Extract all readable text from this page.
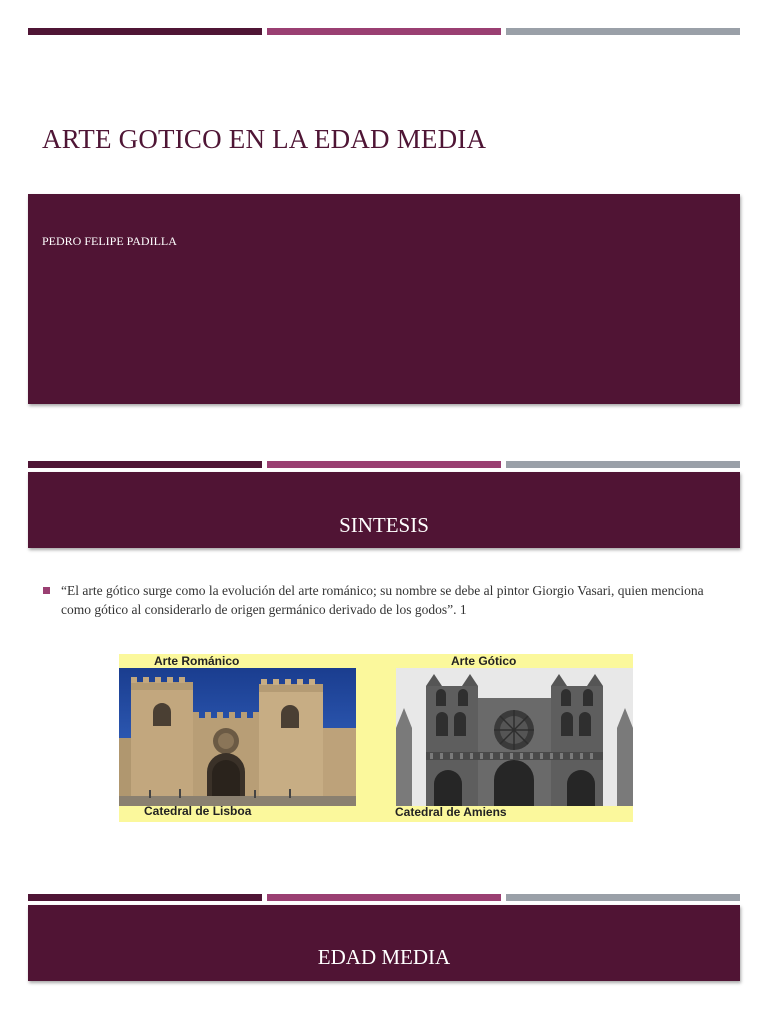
ARTE GOTICO EN LA EDAD MEDIA
PEDRO FELIPE PADILLA
SINTESIS

“El arte gótico surge como la evolución del arte románico; su nombre se debe al pintor Giorgio Vasari, quien menciona como gótico al considerarlo de origen germánico derivado de los godos”. 1

Arte Románico	Arte Gótico
Catedral de Lisboa	Catedral de Amiens
EDAD MEDIA
